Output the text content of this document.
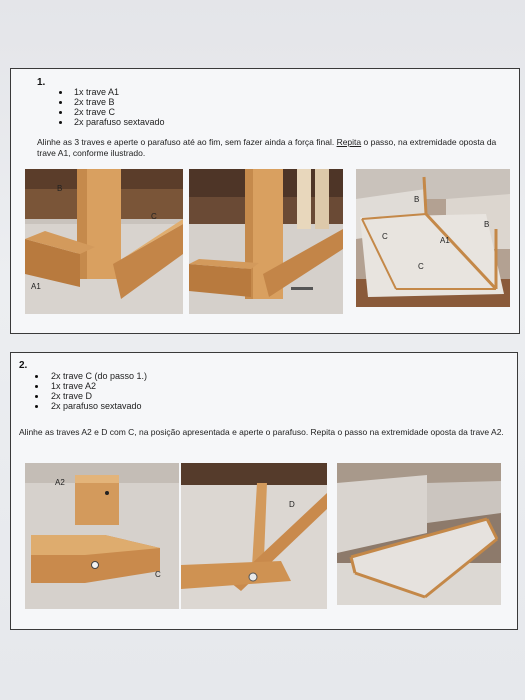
1.
1x trave A1
2x trave B
2x trave C
2x parafuso sextavado
Alinhe as 3 traves e aperte o parafuso até ao fim, sem fazer ainda a força final. Repita o passo, na extremidade oposta da trave A1, conforme ilustrado.
B
C
A1
B
C	A1
B
C
2.
2x trave C (do passo 1.)
1x trave A2
2x trave D
2x parafuso sextavado
Alinhe as traves A2 e D com C, na posição apresentada e aperte o parafuso. Repita o passo na extremidade oposta da trave A2.
A2
C
D
